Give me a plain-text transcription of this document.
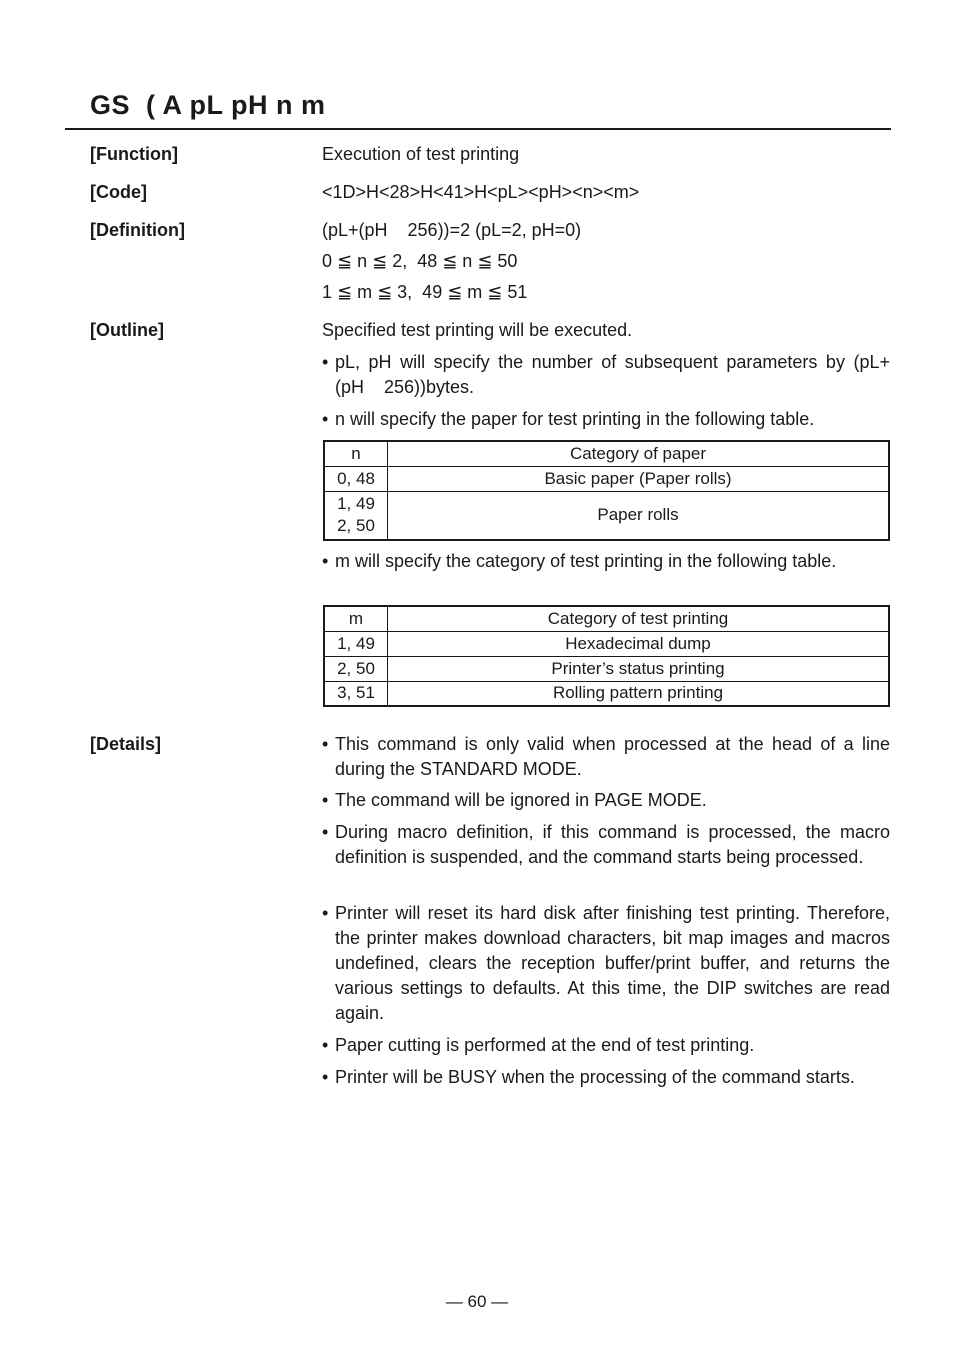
GS  ( A pL pH n m
[Function]	Execution of test printing
[Code]	<1D>H<28>H<41>H<pL><pH><n><m>
[Definition]	(pL+(pH    256))=2 (pL=2, pH=0)
0 ≦ n ≦ 2,  48 ≦ n ≦ 50
1 ≦ m ≦ 3,  49 ≦ m ≦ 51
[Outline]	Specified test printing will be executed.
• pL, pH will specify the number of subsequent parameters by (pL+(pH    256))bytes.
• n will specify the paper for test printing in the following table.
n	Category of paper
0, 48	Basic paper (Paper rolls)

1, 49
2, 50	Paper rolls
• m will specify the category of test printing in the following table.
m	Category of test printing
1, 49	Hexadecimal dump
2, 50	Printer’s status printing
3, 51	Rolling pattern printing
[Details]	• This command is only valid when processed at the head of a line during the STANDARD MODE.
• The command will be ignored in PAGE MODE.
• During macro definition, if this command is processed, the macro definition is suspended, and the command starts being processed.
• Printer will reset its hard disk after finishing test printing. Therefore, the printer makes download characters, bit map images and macros undefined, clears the reception buffer/print buffer, and returns the various settings to defaults. At this time, the DIP switches are read again.
• Paper cutting is performed at the end of test printing.
• Printer will be BUSY when the processing of the command starts.
— 60 —
